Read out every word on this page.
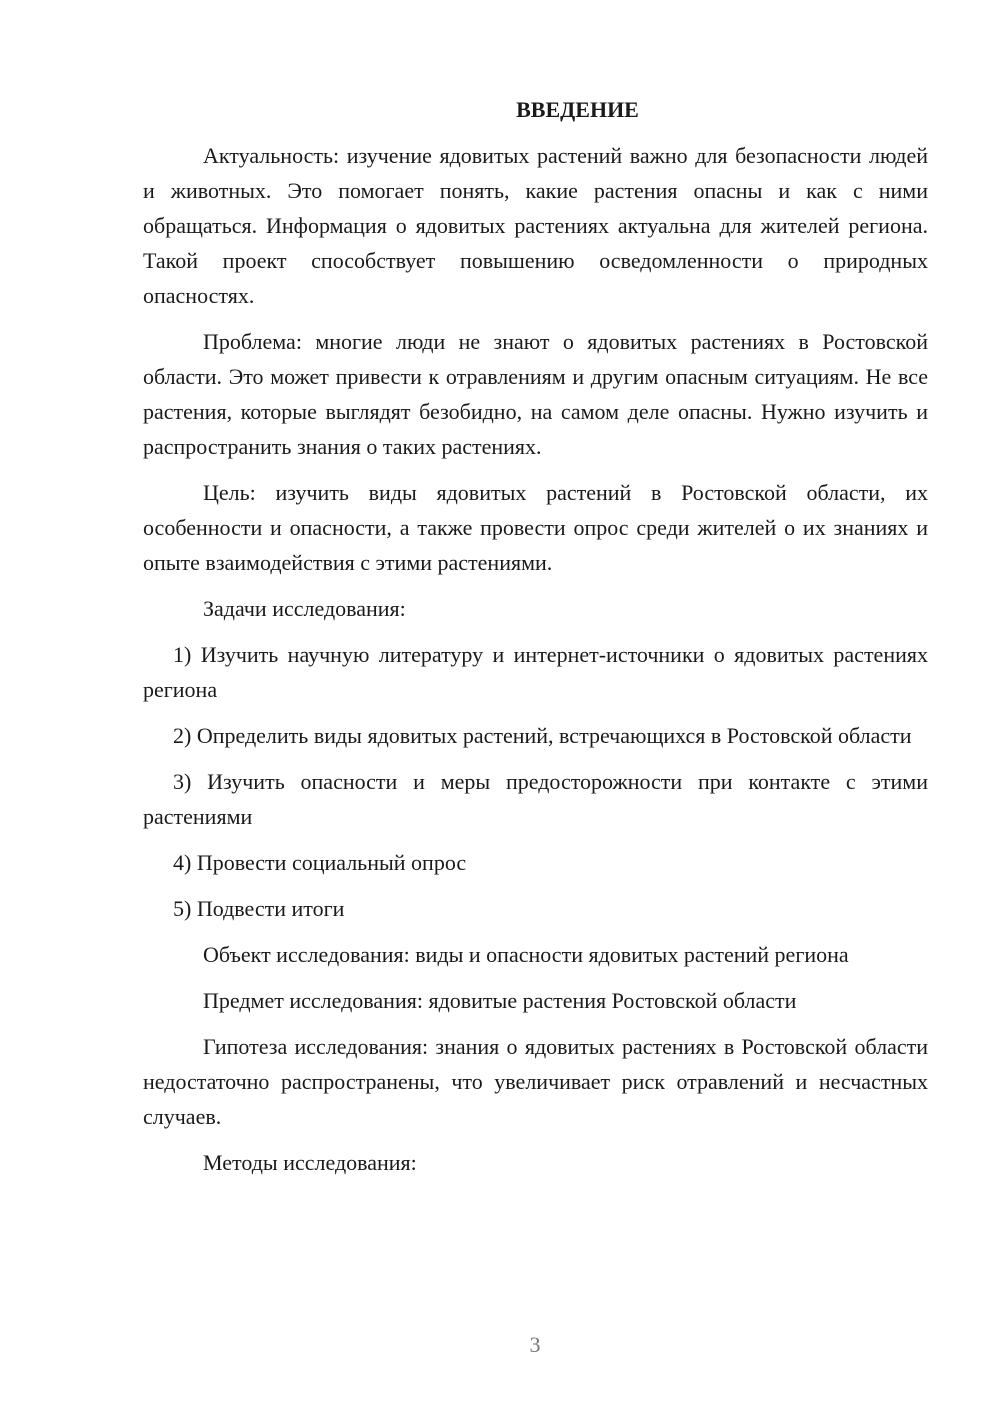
ВВЕДЕНИЕ

Актуальность: изучение ядовитых растений важно для безопасности людей и животных. Это помогает понять, какие растения опасны и как с ними обращаться. Информация о ядовитых растениях актуальна для жителей региона. Такой проект способствует повышению осведомленности о природных опасностях.

Проблема: многие люди не знают о ядовитых растениях в Ростовской области. Это может привести к отравлениям и другим опасным ситуациям. Не все растения, которые выглядят безобидно, на самом деле опасны. Нужно изучить и распространить знания о таких растениях.

Цель: изучить виды ядовитых растений в Ростовской области, их особенности и опасности, а также провести опрос среди жителей о их знаниях и опыте взаимодействия с этими растениями.

Задачи исследования:

1) Изучить научную литературу и интернет-источники о ядовитых растениях региона

2) Определить виды ядовитых растений, встречающихся в Ростовской области

3) Изучить опасности и меры предосторожности при контакте с этими растениями

4) Провести социальный опрос

5) Подвести итоги

Объект исследования: виды и опасности ядовитых растений региона

Предмет исследования: ядовитые растения Ростовской области

Гипотеза исследования: знания о ядовитых растениях в Ростовской области недостаточно распространены, что увеличивает риск отравлений и несчастных случаев.

Методы исследования:

3
